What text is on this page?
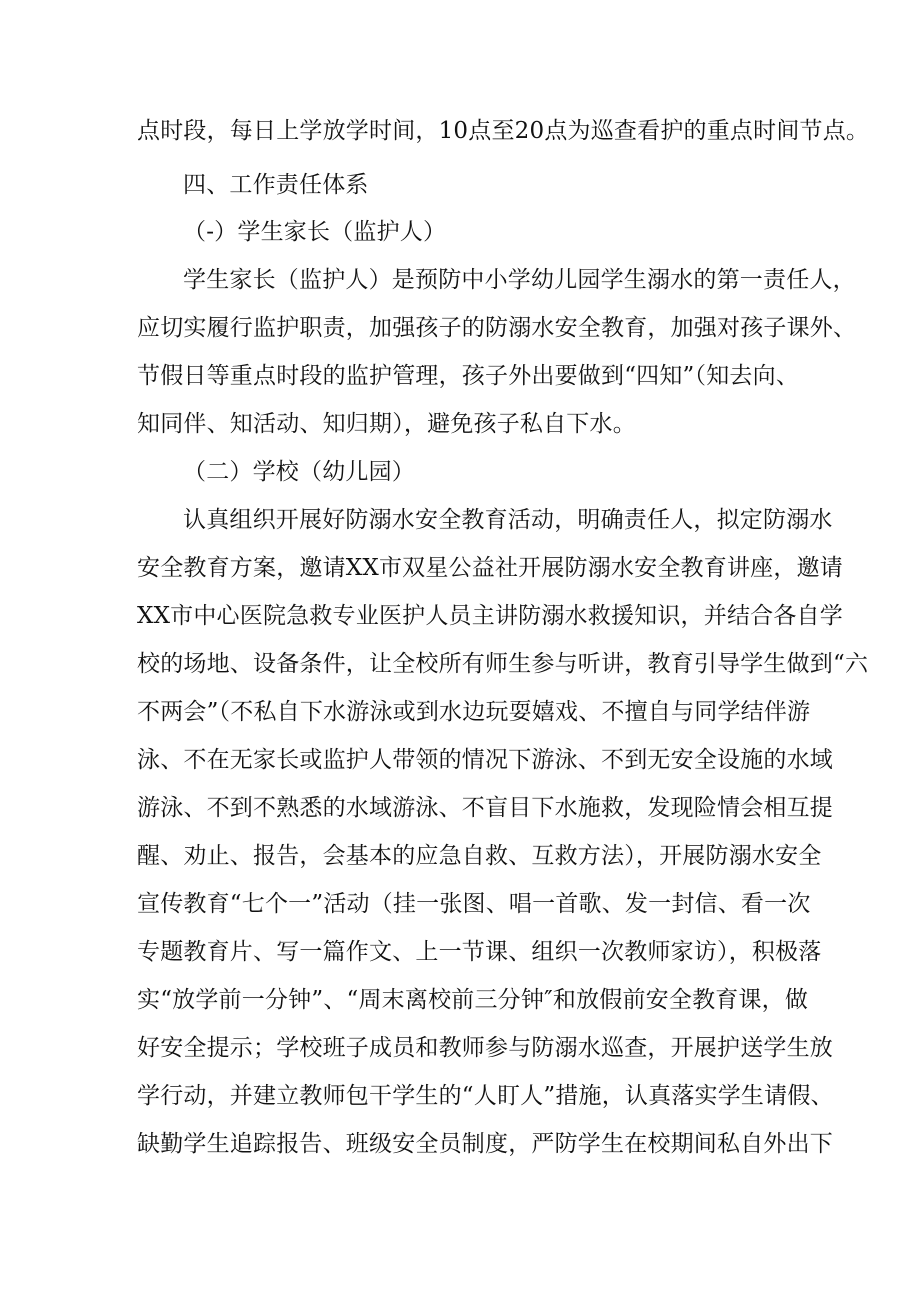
点时段，每日上学放学时间，10点至20点为巡查看护的重点时间节点。
四、工作责任体系
（-）学生家长（监护人）
学生家长（监护人）是预防中小学幼儿园学生溺水的第一责任人，
应切实履行监护职责，加强孩子的防溺水安全教育，加强对孩子课外、
节假日等重点时段的监护管理，孩子外出要做到“四知”（知去向、
知同伴、知活动、知归期），避免孩子私自下水。
（二）学校（幼儿园）
认真组织开展好防溺水安全教育活动，明确责任人，拟定防溺水
安全教育方案，邀请XX市双星公益社开展防溺水安全教育讲座，邀请
XX市中心医院急救专业医护人员主讲防溺水救援知识，并结合各自学
校的场地、设备条件，让全校所有师生参与听讲，教育引导学生做到“六
不两会”（不私自下水游泳或到水边玩耍嬉戏、不擅自与同学结伴游
泳、不在无家长或监护人带领的情况下游泳、不到无安全设施的水域
游泳、不到不熟悉的水域游泳、不盲目下水施救，发现险情会相互提
醒、劝止、报告，会基本的应急自救、互救方法），开展防溺水安全
宣传教育“七个一”活动（挂一张图、唱一首歌、发一封信、看一次
专题教育片、写一篇作文、上一节课、组织一次教师家访），积极落
实“放学前一分钟”、“周末离校前三分钟″和放假前安全教育课，做
好安全提示；学校班子成员和教师参与防溺水巡查，开展护送学生放
学行动，并建立教师包干学生的“人盯人”措施，认真落实学生请假、
缺勤学生追踪报告、班级安全员制度，严防学生在校期间私自外出下
